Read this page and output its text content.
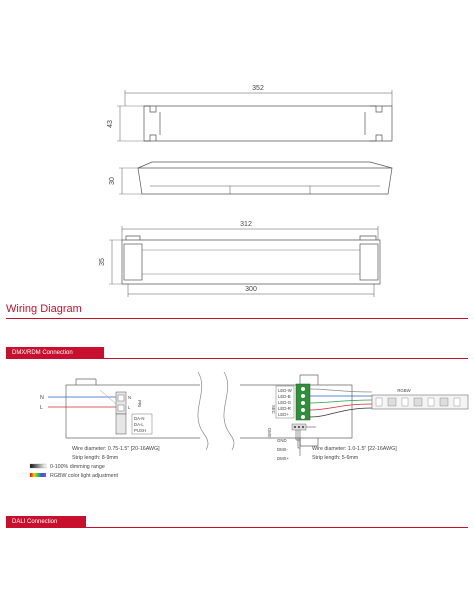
352
43
30
312
35
300
Wiring Diagram
DMX/RDM Connection
N
L
N
L
PRI
DA-N
DA-L
PUSH
Wire diameter: 0.75-1.5" [20-16AWG]
Strip length: 8-9mm
SEC
LED-W
LED-B
LED-G
LED-R
LED+
DMX
GND
DMX-
DMX+
Wire diameter: 1.0-1.5" [22-16AWG]
Strip length: 5-6mm
RGBW
0-100% dimming range
RGBW color light adjustment
DALI Connection
